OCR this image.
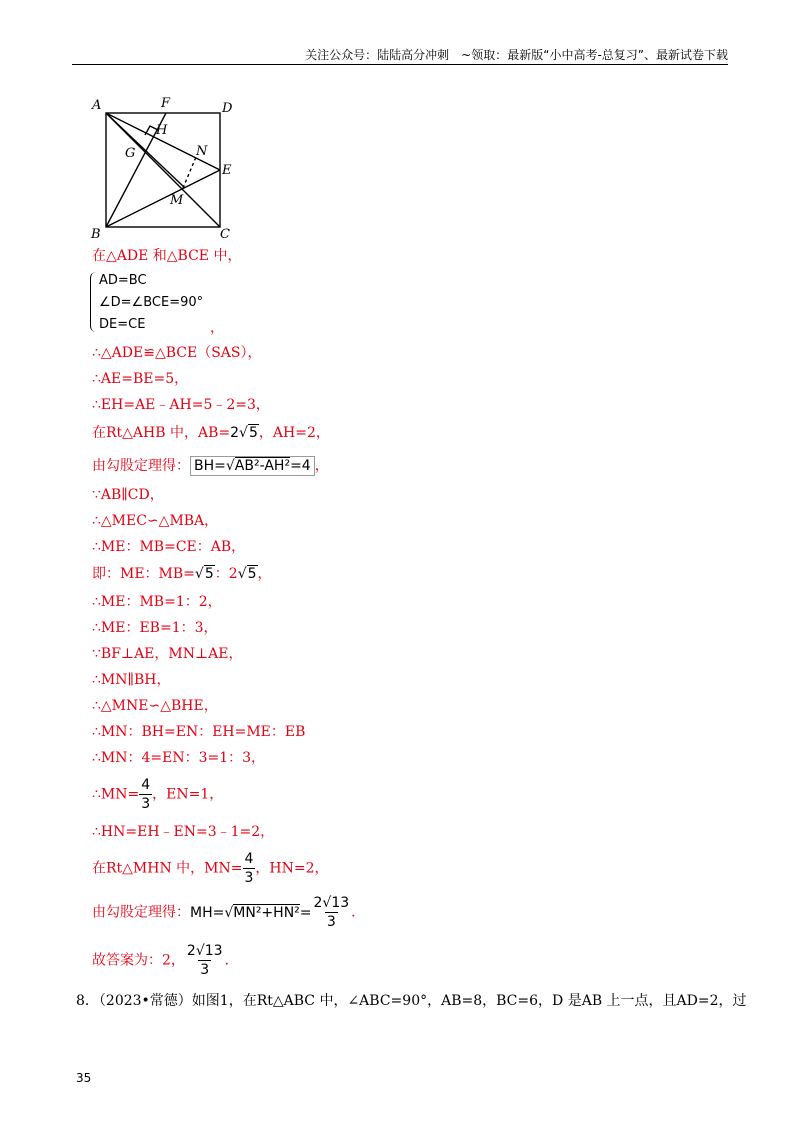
关注公众号：陆陆高分冲刺　~领取：最新版“小中高考-总复习”、最新试卷下载
A	F	D
H
G	N
E
M
B	C
在△ADE 和△BCE 中，
AD=BC
∠D=∠BCE=90°
DE=CE	，
∴△ADE≌△BCE（SAS），
∴AE=BE=5，
∴EH=AE﹣AH=5﹣2=3，
在Rt△AHB 中，AB=2√5，AH=2，
由勾股定理得： BH=√AB²-AH²=4 ，
∵AB∥CD，
∴△MEC∽△MBA，
∴ME：MB=CE：AB，
即：ME：MB=√5：2√5，
∴ME：MB=1：2，
∴ME：EB=1：3，
∵BF⊥AE，MN⊥AE，
∴MN∥BH，
∴△MNE∽△BHE，
∴MN：BH=EN：EH=ME：EB
∴MN：4=EN：3=1：3，
∴MN= $\frac{4}{3}$ ，EN=1，
∴HN=EH﹣EN=3﹣1=2，
在Rt△MHN 中，$MN= \frac{4}{3}$ ，HN=2，
由勾股定理得：$MH=√MN^2+HN^2= \frac{2√13}{3}$ ．
故答案为：2， $\frac{2√13}{3}$ ．
8．（2023•常德）如图1，在Rt△ABC 中，∠ABC=90°，AB=8，BC=6，D 是AB 上一点，且AD=2，过
35
